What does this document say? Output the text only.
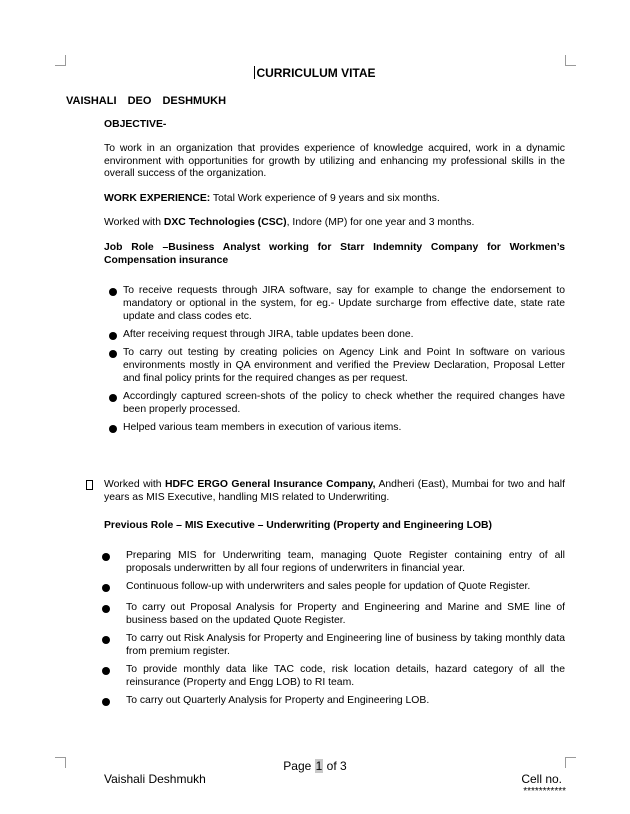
CURRICULUM VITAE
VAISHALI DEO DESHMUKH
OBJECTIVE-
To work in an organization that provides experience of knowledge acquired, work in a dynamic environment with opportunities for growth by utilizing and enhancing my professional skills in the overall success of the organization.
WORK EXPERIENCE: Total Work experience of 9 years and six months.
Worked with DXC Technologies (CSC), Indore (MP) for one year and 3 months.
Job Role –Business Analyst working for Starr Indemnity Company for Workmen’s Compensation insurance
To receive requests through JIRA software, say for example to change the endorsement to mandatory or optional in the system, for eg.- Update surcharge from effective date, state rate update and class codes etc.
After receiving request through JIRA, table updates been done.
To carry out testing by creating policies on Agency Link and Point In software on various environments mostly in QA environment and verified the Preview Declaration, Proposal Letter and final policy prints for the required changes as per request.
Accordingly captured screen-shots of the policy to check whether the required changes have been properly processed.
Helped various team members in execution of various items.
Worked with HDFC ERGO General Insurance Company, Andheri (East), Mumbai for two and half years as MIS Executive, handling MIS related to Underwriting.
Previous Role – MIS Executive – Underwriting (Property and Engineering LOB)
Preparing MIS for Underwriting team, managing Quote Register containing entry of all proposals underwritten by all four regions of underwriters in financial year.
Continuous follow-up with underwriters and sales people for updation of Quote Register.
To carry out Proposal Analysis for Property and Engineering and Marine and SME line of business based on the updated Quote Register.
To carry out Risk Analysis for Property and Engineering line of business by taking monthly data from premium register.
To provide monthly data like TAC code, risk location details, hazard category of all the reinsurance (Property and Engg LOB) to RI team.
To carry out Quarterly Analysis for Property and Engineering LOB.
Page 1 of 3
Vaishali Deshmukh	Cell no.
***********
